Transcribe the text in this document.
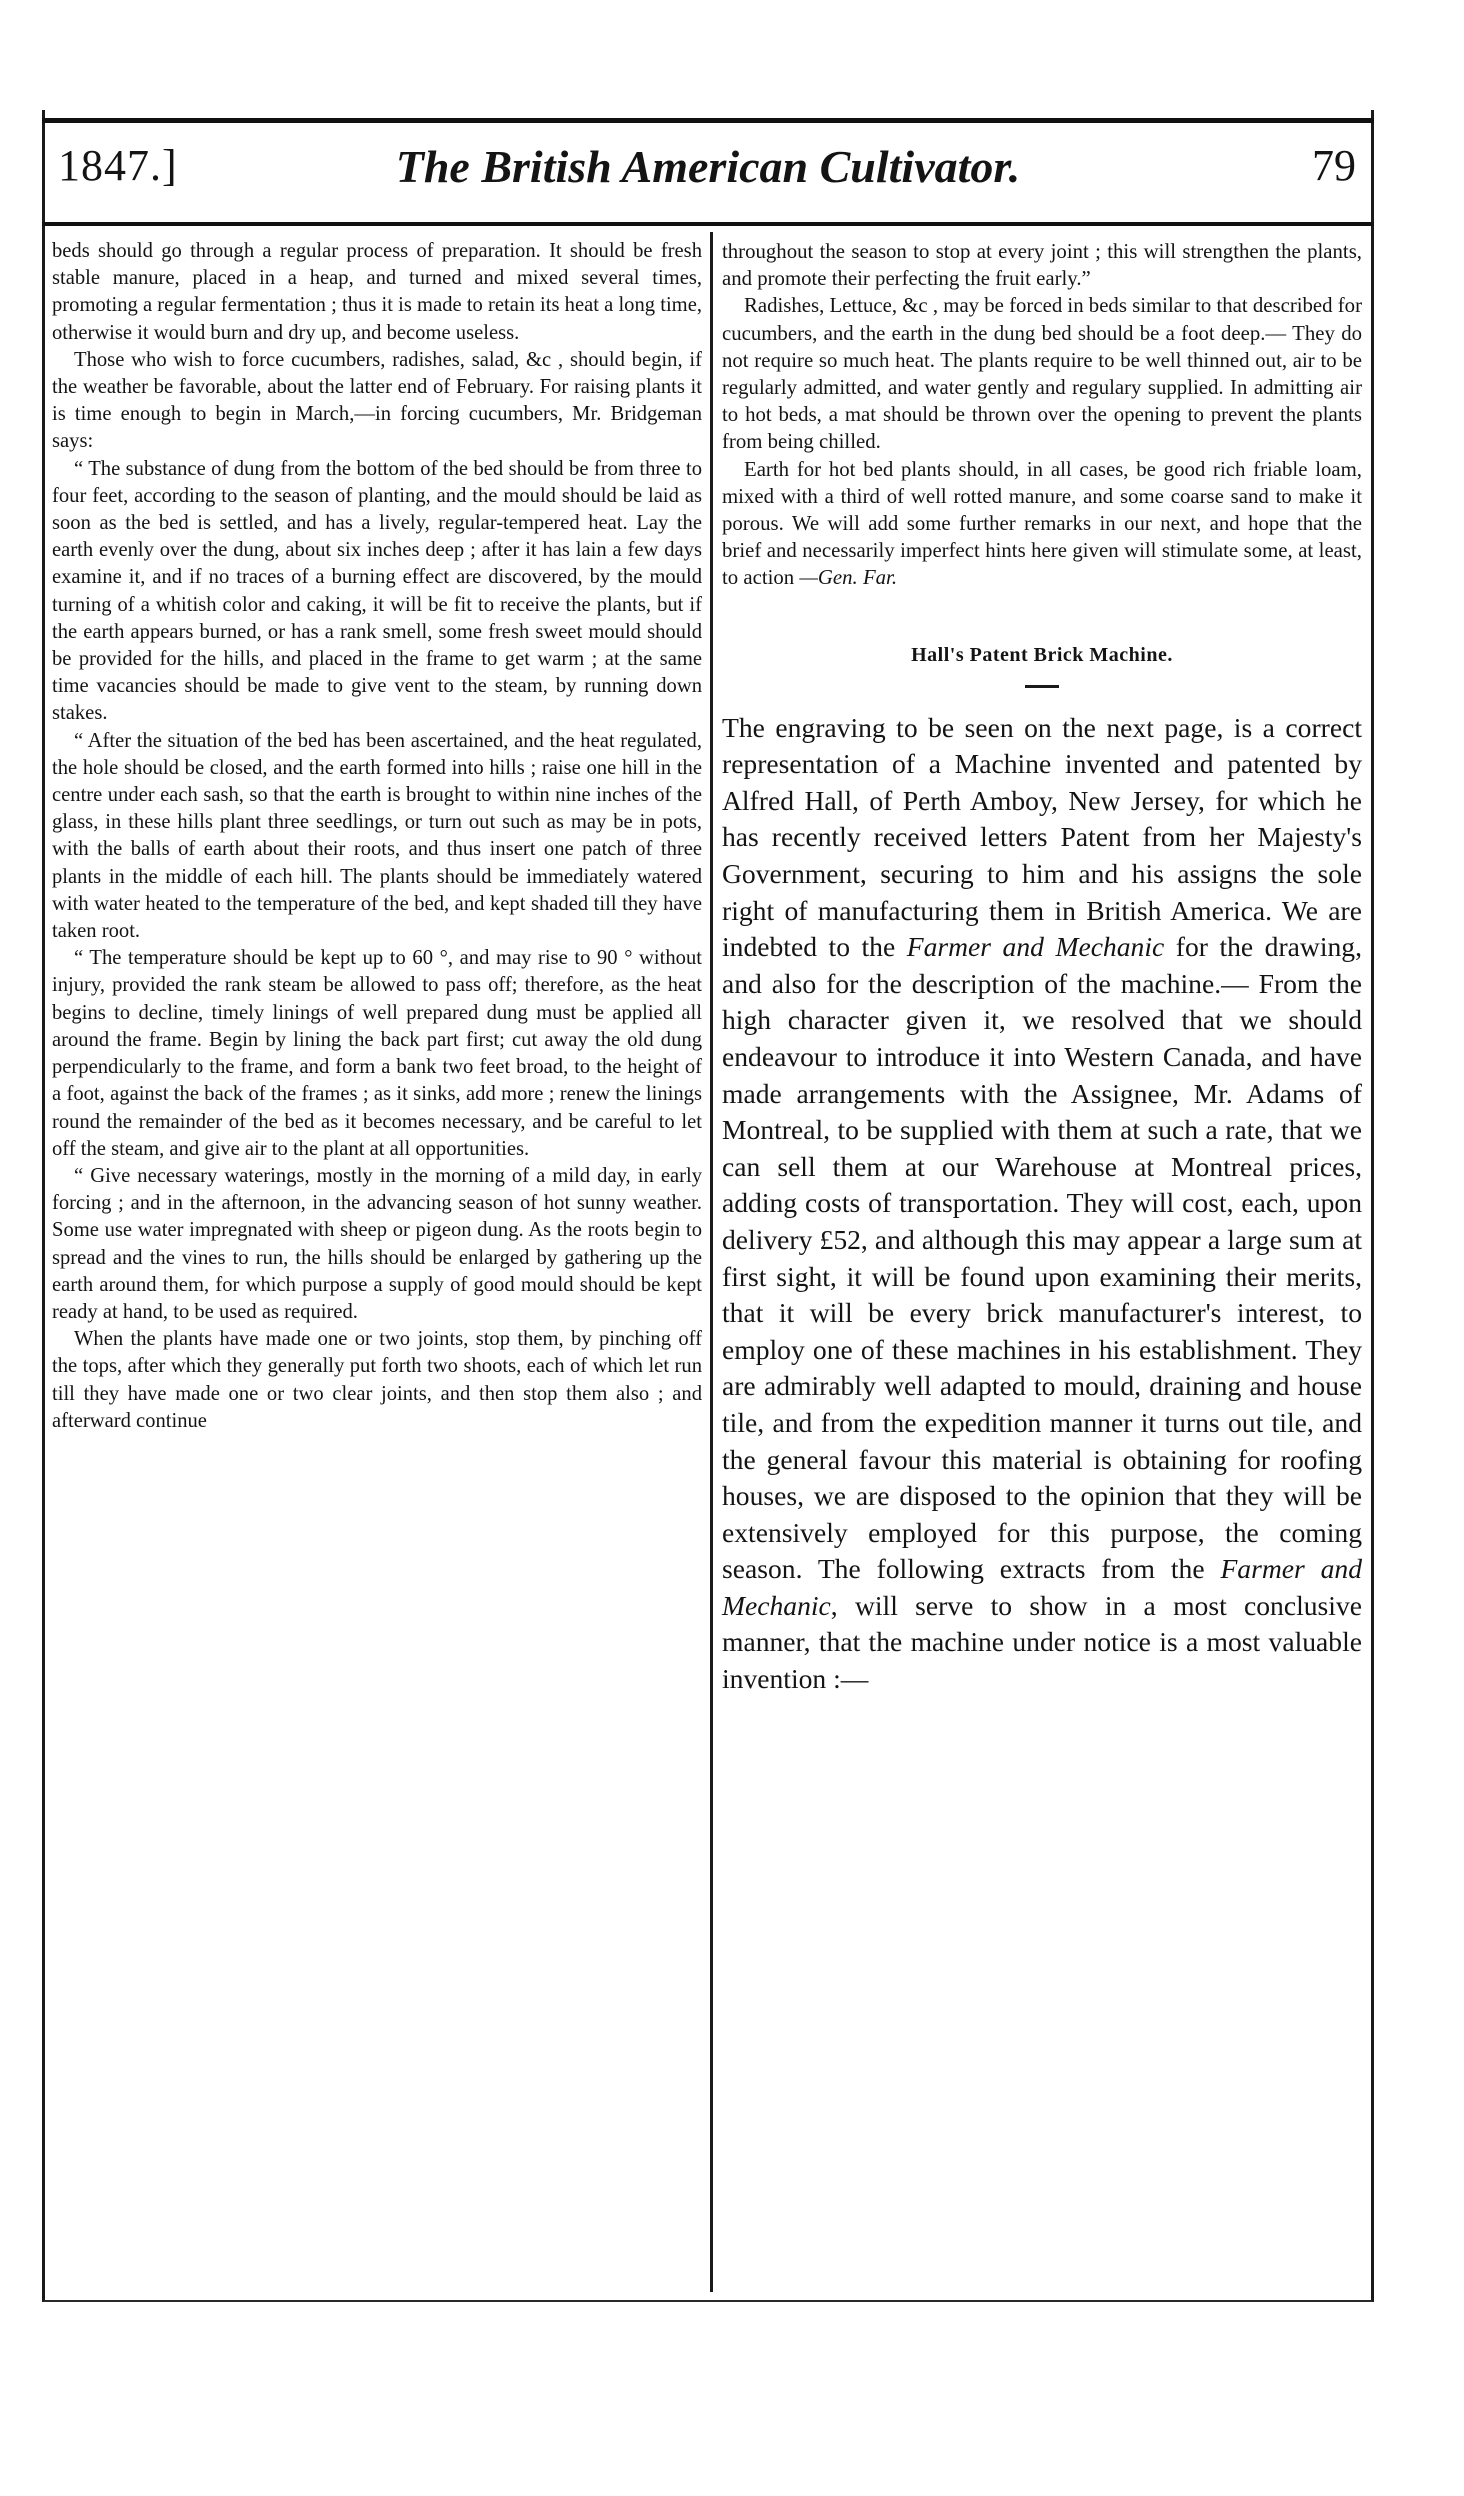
1847.]	The British American Cultivator.	79

beds should go through a regular process of preparation. It should be fresh stable manure, placed in a heap, and turned and mixed several times, promoting a regular fermentation ; thus it is made to retain its heat a long time, otherwise it would burn and dry up, and become useless.

Those who wish to force cucumbers, radishes, salad, &c , should begin, if the weather be favorable, about the latter end of February. For raising plants it is time enough to begin in March,—in forcing cucumbers, Mr. Bridgeman says:

“ The substance of dung from the bottom of the bed should be from three to four feet, according to the season of planting, and the mould should be laid as soon as the bed is settled, and has a lively, regular-tempered heat. Lay the earth evenly over the dung, about six inches deep ; after it has lain a few days examine it, and if no traces of a burning effect are discovered, by the mould turning of a whitish color and caking, it will be fit to receive the plants, but if the earth appears burned, or has a rank smell, some fresh sweet mould should be provided for the hills, and placed in the frame to get warm ; at the same time vacancies should be made to give vent to the steam, by running down stakes.

“ After the situation of the bed has been ascertained, and the heat regulated, the hole should be closed, and the earth formed into hills ; raise one hill in the centre under each sash, so that the earth is brought to within nine inches of the glass, in these hills plant three seedlings, or turn out such as may be in pots, with the balls of earth about their roots, and thus insert one patch of three plants in the middle of each hill. The plants should be immediately watered with water heated to the temperature of the bed, and kept shaded till they have taken root.

“ The temperature should be kept up to 60 °, and may rise to 90 ° without injury, provided the rank steam be allowed to pass off; therefore, as the heat begins to decline, timely linings of well prepared dung must be applied all around the frame. Begin by lining the back part first; cut away the old dung perpendicularly to the frame, and form a bank two feet broad, to the height of a foot, against the back of the frames ; as it sinks, add more ; renew the linings round the remainder of the bed as it becomes necessary, and be careful to let off the steam, and give air to the plant at all opportunities.

“ Give necessary waterings, mostly in the morning of a mild day, in early forcing ; and in the afternoon, in the advancing season of hot sunny weather. Some use water impregnated with sheep or pigeon dung. As the roots begin to spread and the vines to run, the hills should be enlarged by gathering up the earth around them, for which purpose a supply of good mould should be kept ready at hand, to be used as required.

When the plants have made one or two joints, stop them, by pinching off the tops, after which they generally put forth two shoots, each of which let run till they have made one or two clear joints, and then stop them also ; and afterward continue

throughout the season to stop at every joint ; this will strengthen the plants, and promote their perfecting the fruit early.”

Radishes, Lettuce, &c , may be forced in beds similar to that described for cucumbers, and the earth in the dung bed should be a foot deep.— They do not require so much heat. The plants require to be well thinned out, air to be regularly admitted, and water gently and regulary supplied. In admitting air to hot beds, a mat should be thrown over the opening to prevent the plants from being chilled.

Earth for hot bed plants should, in all cases, be good rich friable loam, mixed with a third of well rotted manure, and some coarse sand to make it porous. We will add some further remarks in our next, and hope that the brief and necessarily imperfect hints here given will stimulate some, at least, to action —Gen. Far.

Hall's Patent Brick Machine.

The engraving to be seen on the next page, is a correct representation of a Machine invented and patented by Alfred Hall, of Perth Amboy, New Jersey, for which he has recently received letters Patent from her Majesty's Government, securing to him and his assigns the sole right of manufacturing them in British America. We are indebted to the Farmer and Mechanic for the drawing, and also for the description of the machine.— From the high character given it, we resolved that we should endeavour to introduce it into Western Canada, and have made arrangements with the Assignee, Mr. Adams of Montreal, to be supplied with them at such a rate, that we can sell them at our Warehouse at Montreal prices, adding costs of transportation. They will cost, each, upon delivery £52, and although this may appear a large sum at first sight, it will be found upon examining their merits, that it will be every brick manufacturer's interest, to employ one of these machines in his establishment. They are admirably well adapted to mould, draining and house tile, and from the expedition manner it turns out tile, and the general favour this material is obtaining for roofing houses, we are disposed to the opinion that they will be extensively employed for this purpose, the coming season. The following extracts from the Farmer and Mechanic, will serve to show in a most conclusive manner, that the machine under notice is a most valuable invention :—
